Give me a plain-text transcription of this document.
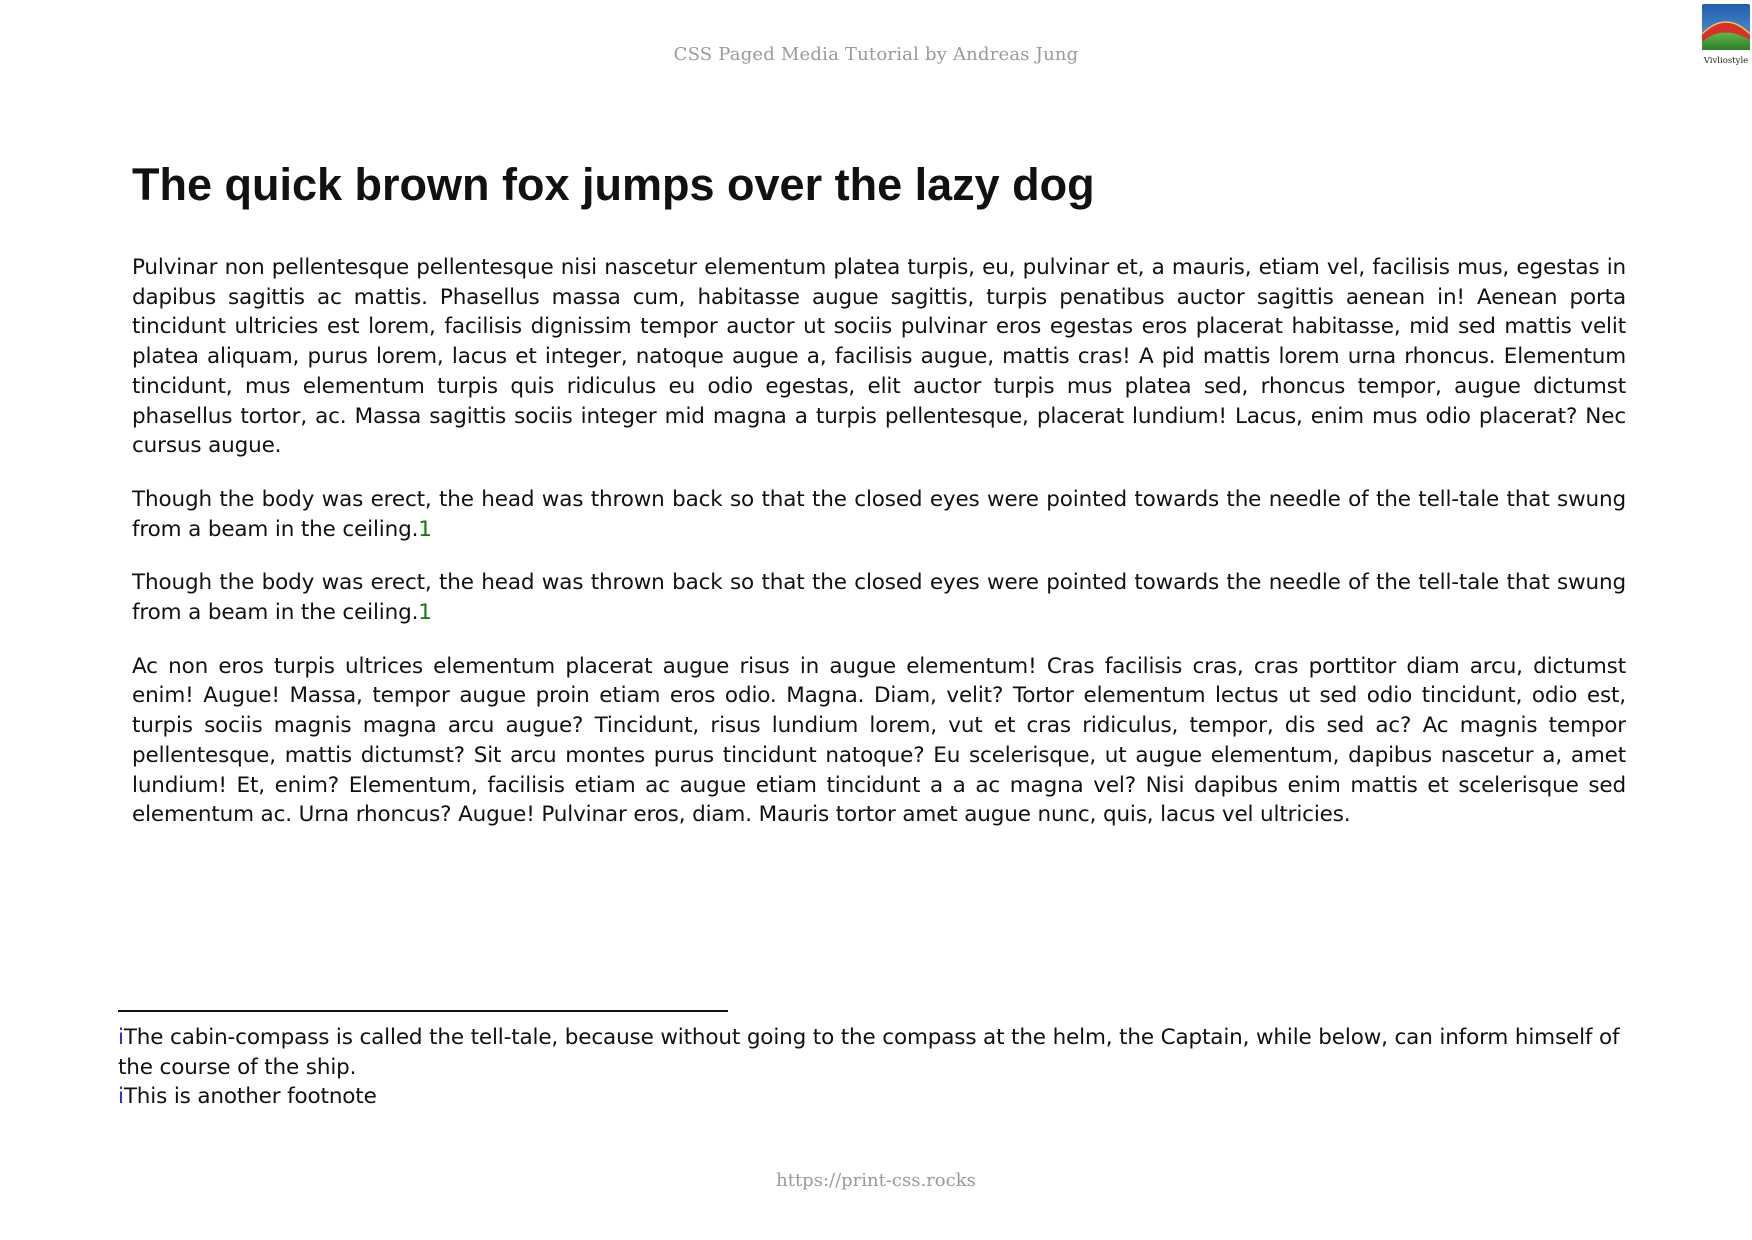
CSS Paged Media Tutorial by Andreas Jung	Vivliostyle
The quick brown fox jumps over the lazy dog

Pulvinar non pellentesque pellentesque nisi nascetur elementum platea turpis, eu, pulvinar et, a mauris, etiam vel, facilisis mus, egestas in dapibus sagittis ac mattis. Phasellus massa cum, habitasse augue sagittis, turpis penatibus auctor sagittis aenean in! Aenean porta tincidunt ultricies est lorem, facilisis dignissim tempor auctor ut sociis pulvinar eros egestas eros placerat habitasse, mid sed mattis velit platea aliquam, purus lorem, lacus et integer, natoque augue a, facilisis augue, mattis cras! A pid mattis lorem urna rhoncus. Elementum tincidunt, mus elementum turpis quis ridiculus eu odio egestas, elit auctor turpis mus platea sed, rhoncus tempor, augue dictumst phasellus tortor, ac. Massa sagittis sociis integer mid magna a turpis pellentesque, placerat lundium! Lacus, enim mus odio placerat? Nec cursus augue.

Though the body was erect, the head was thrown back so that the closed eyes were pointed towards the needle of the tell-tale that swung from a beam in the ceiling.1

Though the body was erect, the head was thrown back so that the closed eyes were pointed towards the needle of the tell-tale that swung from a beam in the ceiling.1

Ac non eros turpis ultrices elementum placerat augue risus in augue elementum! Cras facilisis cras, cras porttitor diam arcu, dictumst enim! Augue! Massa, tempor augue proin etiam eros odio. Magna. Diam, velit? Tortor elementum lectus ut sed odio tincidunt, odio est, turpis sociis magnis magna arcu augue? Tincidunt, risus lundium lorem, vut et cras ridiculus, tempor, dis sed ac? Ac magnis tempor pellentesque, mattis dictumst? Sit arcu montes purus tincidunt natoque? Eu scelerisque, ut augue elementum, dapibus nascetur a, amet lundium! Et, enim? Elementum, facilisis etiam ac augue etiam tincidunt a a ac magna vel? Nisi dapibus enim mattis et scelerisque sed elementum ac. Urna rhoncus? Augue! Pulvinar eros, diam. Mauris tortor amet augue nunc, quis, lacus vel ultricies.

iThe cabin-compass is called the tell-tale, because without going to the compass at the helm, the Captain, while below, can inform himself of the course of the ship.

iThis is another footnote

https://print-css.rocks
